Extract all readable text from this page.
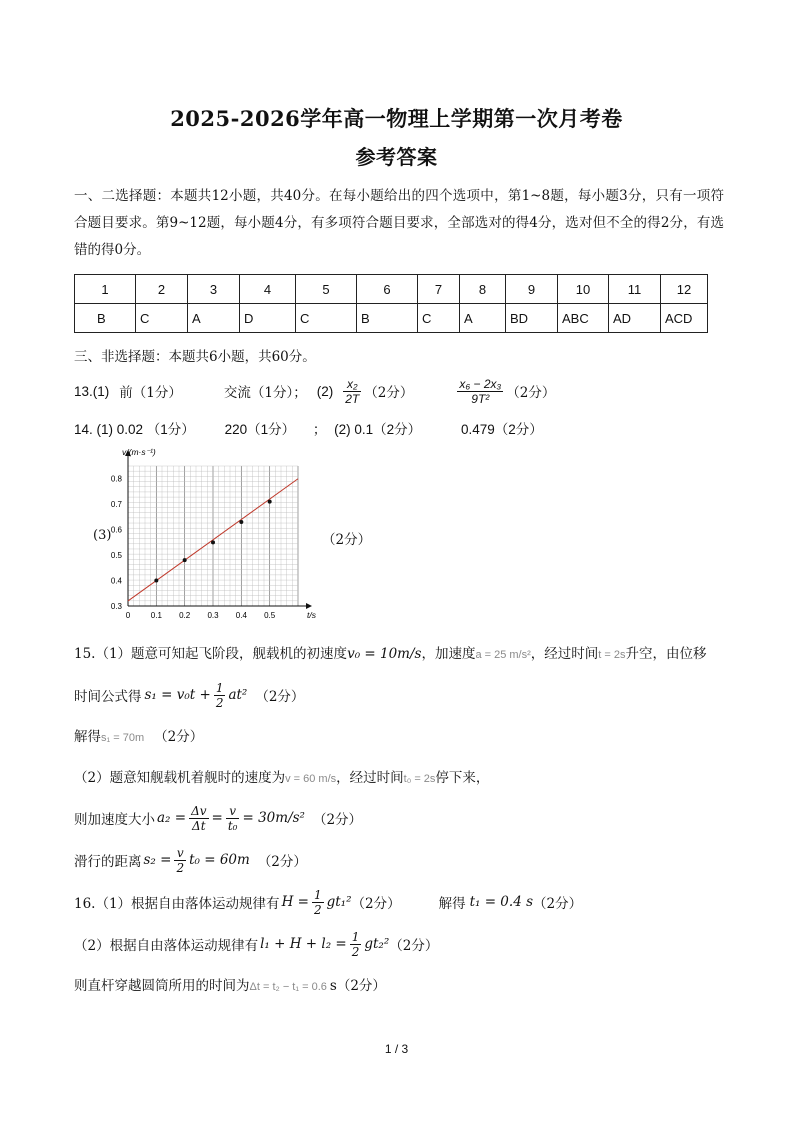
2025-2026学年高一物理上学期第一次月考卷
参考答案
一、二选择题：本题共12小题，共40分。在每小题给出的四个选项中，第1~8题，每小题3分，只有一项符合题目要求。第9~12题，每小题4分，有多项符合题目要求，全部选对的得4分，选对但不全的得2分，有选错的得0分。
1	2	3	4	5	6	7	8	9	10	11	12
B	C	A	D	C	B	C	A	BD	ABC	AD	ACD
三、非选择题：本题共6小题，共60分。
13.(1) 前（1分）	交流（1分）； $(2) \frac{\text{x₂}}{2T} (2$分）	$\frac{\text{x₆ − 2x₃}}{\text{9T²}} (2$分）
14. (1) 0.02 （1分） 220（1分） ； (2) 0.1（2分）	0.479（2分）
(3)	（2分）
0.3
0.4
0.5
0.6
0.7
0.8
0	0.1 0.2 0.3 0.4 0.5
v/(m·s⁻¹)
t/s
15.（1）题意可知起飞阶段，舰载机的初速度v₀ = 10m/s，加速度a = 25 m/s²，经过时间t = 2s升空，由位移
时间公式得 $s_1 = v_0t + \frac{1}{2} at^2$ （2分）
解得s₁ = 70m （2分）
（2）题意知舰载机着舰时的速度为v = 60 m/s，经过时间t₀ = 2s停下来，
则加速度大小 $a_2 = \frac{\Delta v}{\Delta t} = \frac{v}{\text{t₀}} = 30m/s^2$ （2分）
滑行的距离 $s_2 = \frac{v}{2} t_0 = 60m$ （2分）
16.（1）根据自由落体运动规律有 $H = \frac{1}{2} gt_1^2$ （2分）	解得 t₁ = 0.4 s （2分）
（2）根据自由落体运动规律有 $l_1 + H + l_2 = \frac{1}{2} gt_2^2$ （2分）
则直杆穿越圆筒所用的时间为Δt = t₂ − t₁ = 0.6 s（2分）
1 / 3
